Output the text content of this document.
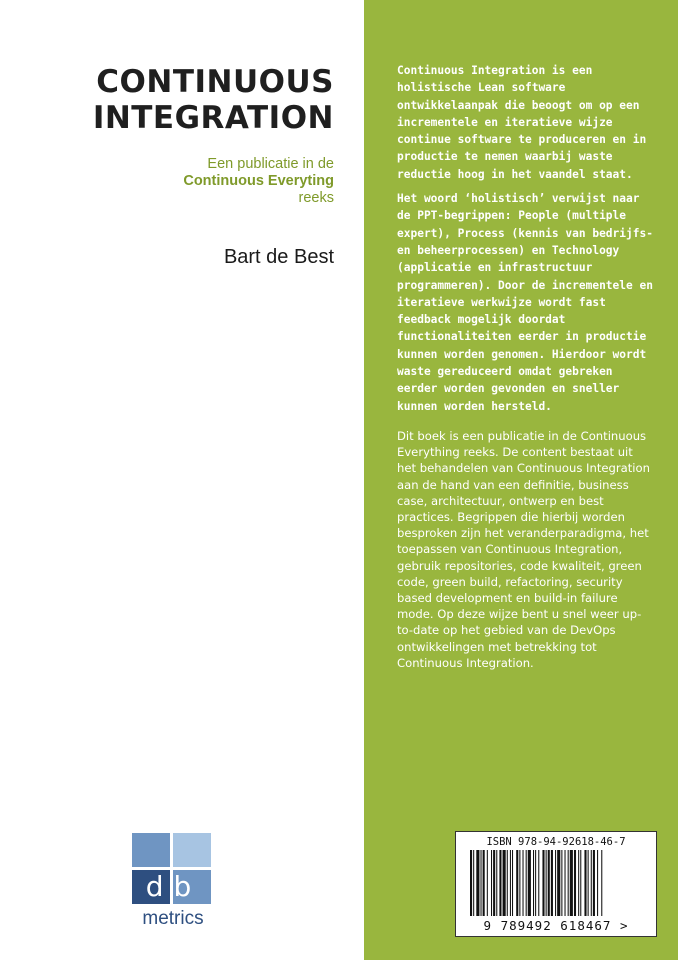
CONTINUOUS
INTEGRATION
Een publicatie in de
Continuous Everyting
reeks
Bart de Best
db
metrics

Continuous Integration is een holistische Lean software ontwikkelaanpak die beoogt om op een incrementele en iteratieve wijze continue software te produceren en in productie te nemen waarbij waste reductie hoog in het vaandel staat.

Het woord ‘holistisch’ verwijst naar de PPT-begrippen: People (multiple expert), Process (kennis van bedrijfs- en beheerprocessen) en Technology (applicatie en infrastructuur programmeren). Door de incrementele en iteratieve werkwijze wordt fast feedback mogelijk doordat functionaliteiten eerder in productie kunnen worden genomen. Hierdoor wordt waste gereduceerd omdat gebreken eerder worden gevonden en sneller kunnen worden hersteld.

Dit boek is een publicatie in de Continuous Everything reeks. De content bestaat uit het behandelen van Continuous Integration aan de hand van een definitie, business case, architectuur, ontwerp en best practices. Begrippen die hierbij worden besproken zijn het veranderparadigma, het toepassen van Continuous Integration, gebruik repositories, code kwaliteit, green code, green build, refactoring, security based development en build-in failure mode. Op deze wijze bent u snel weer up-to-date op het gebied van de DevOps ontwikkelingen met betrekking tot Continuous Integration.
ISBN 978-94-92618-46-7
9 789492 618467 >
